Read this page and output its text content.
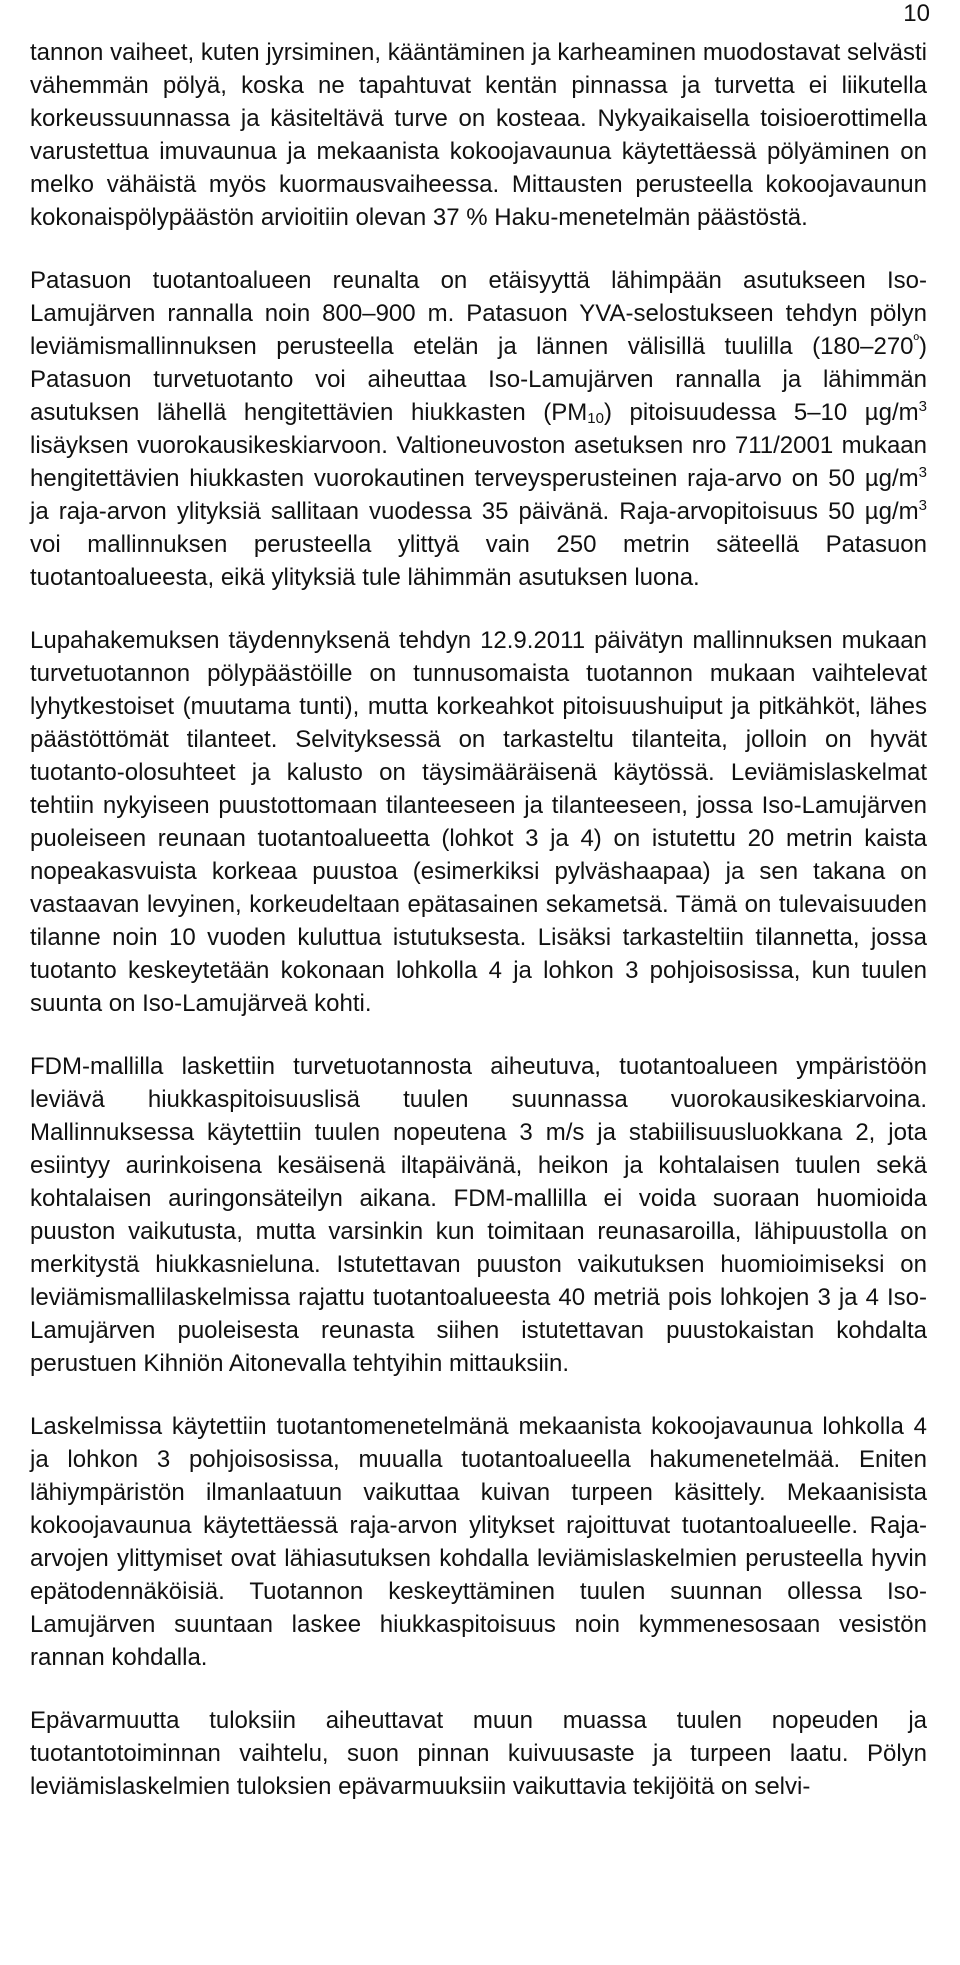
10

tannon vaiheet, kuten jyrsiminen, kääntäminen ja karheaminen muodostavat selvästi vähemmän pölyä, koska ne tapahtuvat kentän pinnassa ja turvetta ei liikutella korkeussuunnassa ja käsiteltävä turve on kosteaa. Nykyaikaisella toisioerottimella varustettua imuvaunua ja mekaanista kokoojavaunua käytettäessä pölyäminen on melko vähäistä myös kuormausvaiheessa. Mittausten perusteella kokoojavaunun kokonaispölypäästön arvioitiin olevan 37 % Haku-menetelmän päästöstä.

Patasuon tuotantoalueen reunalta on etäisyyttä lähimpään asutukseen Iso-Lamujärven rannalla noin 800–900 m. Patasuon YVA-selostukseen tehdyn pölyn leviämismallinnuksen perusteella etelän ja lännen välisillä tuulilla $(180-270^º)$ Patasuon turvetuotanto voi aiheuttaa Iso-Lamujärven rannalla ja lähimmän asutuksen lähellä hengitettävien hiukkasten $(PM_{10})$ pitoisuudessa 5–10 $\mu g/m^3$ lisäyksen vuorokausikeskiarvoon. Valtioneuvoston asetuksen nro 711/2001 mukaan hengitettävien hiukkasten vuorokautinen terveysperusteinen raja-arvo on 50 $\mu g/m^3$ ja raja-arvon ylityksiä sallitaan vuodessa 35 päivänä. Raja-arvopitoisuus 50 $\mu g/m^3$ voi mallinnuksen perusteella ylittyä vain 250 metrin säteellä Patasuon tuotantoalueesta, eikä ylityksiä tule lähimmän asutuksen luona.

Lupahakemuksen täydennyksenä tehdyn 12.9.2011 päivätyn mallinnuksen mukaan turvetuotannon pölypäästöille on tunnusomaista tuotannon mukaan vaihtelevat lyhytkestoiset (muutama tunti), mutta korkeahkot pitoisuushuiput ja pitkähköt, lähes päästöttömät tilanteet. Selvityksessä on tarkasteltu tilanteita, jolloin on hyvät tuotanto-olosuhteet ja kalusto on täysimääräisenä käytössä. Leviämislaskelmat tehtiin nykyiseen puustottomaan tilanteeseen ja tilanteeseen, jossa Iso-Lamujärven puoleiseen reunaan tuotantoalueetta (lohkot 3 ja 4) on istutettu 20 metrin kaista nopeakasvuista korkeaa puustoa (esimerkiksi pylväshaapaa) ja sen takana on vastaavan levyinen, korkeudeltaan epätasainen sekametsä. Tämä on tulevaisuuden tilanne noin 10 vuoden kuluttua istutuksesta. Lisäksi tarkasteltiin tilannetta, jossa tuotanto keskeytetään kokonaan lohkolla 4 ja lohkon 3 pohjoisosissa, kun tuulen suunta on Iso-Lamujärveä kohti.

FDM-mallilla laskettiin turvetuotannosta aiheutuva, tuotantoalueen ympäristöön leviävä hiukkaspitoisuuslisä tuulen suunnassa vuorokausikeskiarvoina. Mallinnuksessa käytettiin tuulen nopeutena 3 m/s ja stabiilisuusluokkana 2, jota esiintyy aurinkoisena kesäisenä iltapäivänä, heikon ja kohtalaisen tuulen sekä kohtalaisen auringonsäteilyn aikana. FDM-mallilla ei voida suoraan huomioida puuston vaikutusta, mutta varsinkin kun toimitaan reunasaroilla, lähipuustolla on merkitystä hiukkasnieluna. Istutettavan puuston vaikutuksen huomioimiseksi on leviämismallilaskelmissa rajattu tuotantoalueesta 40 metriä pois lohkojen 3 ja 4 Iso-Lamujärven puoleisesta reunasta siihen istutettavan puustokaistan kohdalta perustuen Kihniön Aitonevalla tehtyihin mittauksiin.

Laskelmissa käytettiin tuotantomenetelmänä mekaanista kokoojavaunua lohkolla 4 ja lohkon 3 pohjoisosissa, muualla tuotantoalueella hakumenetelmää. Eniten lähiympäristön ilmanlaatuun vaikuttaa kuivan turpeen käsittely. Mekaanisista kokoojavaunua käytettäessä raja-arvon ylitykset rajoittuvat tuotantoalueelle. Raja-arvojen ylittymiset ovat lähiasutuksen kohdalla leviämislaskelmien perusteella hyvin epätodennäköisiä. Tuotannon keskeyttäminen tuulen suunnan ollessa Iso-Lamujärven suuntaan laskee hiukkaspitoisuus noin kymmenesosaan vesistön rannan kohdalla.

Epävarmuutta tuloksiin aiheuttavat muun muassa tuulen nopeuden ja tuotantotoiminnan vaihtelu, suon pinnan kuivuusaste ja turpeen laatu. Pölyn leviämislaskelmien tuloksien epävarmuuksiin vaikuttavia tekijöitä on selvi-
